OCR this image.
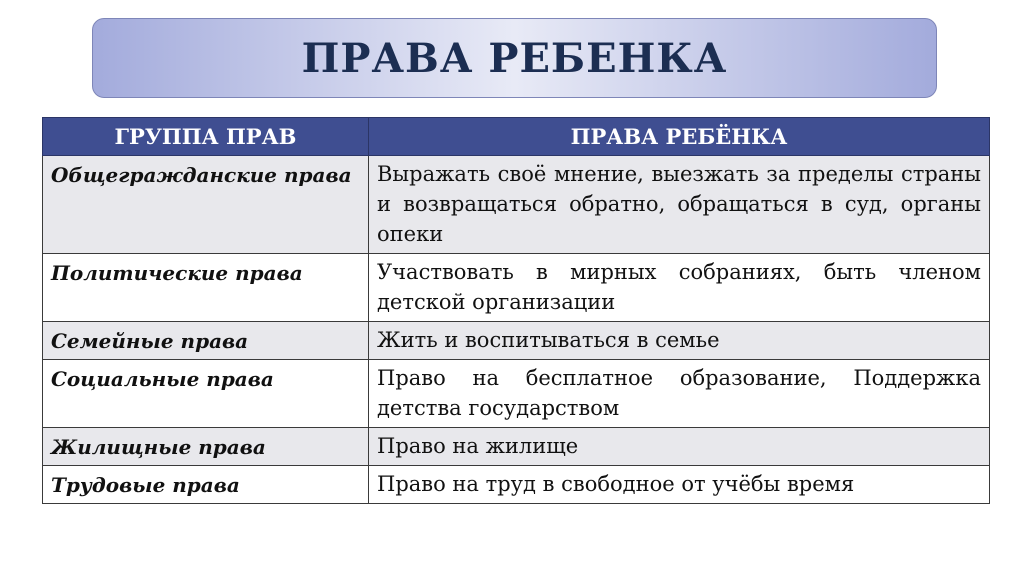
ПРАВА РЕБЕНКА
ГРУППА ПРАВ	ПРАВА РЕБЁНКА
Общегражданские права	Выражать своё мнение, выезжать за пределы страны и возвращаться обратно, обращаться в суд, органы опеки
Политические права	Участвовать в мирных собраниях, быть членом детской организации
Семейные права	Жить и воспитываться в семье
Социальные права	Право на бесплатное образование, Поддержка детства государством
Жилищные права	Право на жилище
Трудовые права	Право на труд в свободное от учёбы время
